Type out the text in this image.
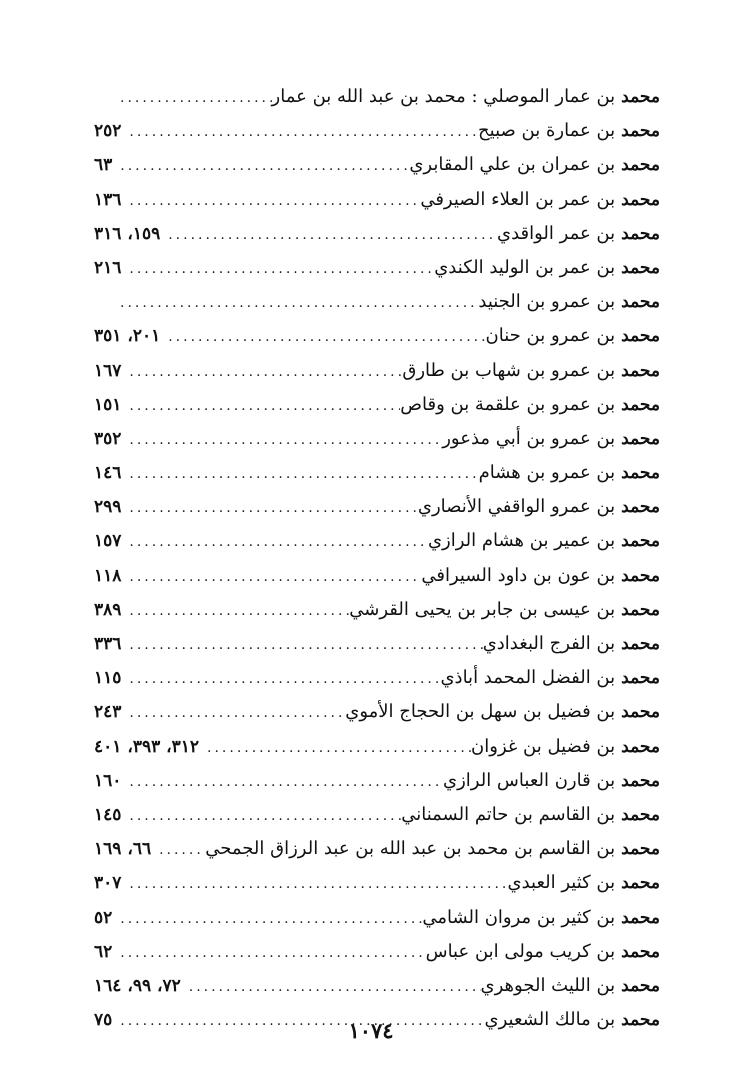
محمدبن عمار الموصلي : محمد بن عبد الله بن عمار
.....
محمدبن عمارة بن صبيح
.....
٢٥٢
محمدبن عمران بن علي المقابري
.....
٦٣
محمدبن عمر بن العلاء الصيرفي
.....
١٣٦
محمدبن عمر الواقدي
.....
١٥٩، ٣١٦
محمدبن عمر بن الوليد الكندي
.....
٢١٦
محمدبن عمرو بن الجنيد
.....
محمدبن عمرو بن حنان
.....
٢٠١، ٣٥١
محمدبن عمرو بن شهاب بن طارق
.....
١٦٧
محمدبن عمرو بن علقمة بن وقاص
.....
١٥١
محمدبن عمرو بن أبي مذعور
.....
٣٥٢
محمدبن عمرو بن هشام
.....
١٤٦
محمدبن عمرو الواقفي الأنصاري
.....
٢٩٩
محمدبن عمير بن هشام الرازي
.....
١٥٧
محمدبن عون بن داود السيرافي
.....
١١٨
محمدبن عيسى بن جابر بن يحيى القرشي
.....
٣٨٩
محمدبن الفرج البغدادي
.....
٣٣٦
محمدبن الفضل المحمد أباذي
.....
١١٥
محمدبن فضيل بن سهل بن الحجاج الأموي
.....
٢٤٣
محمدبن فضيل بن غزوان
.....
٣١٢، ٣٩٣، ٤٠١
محمدبن قارن العباس الرازي
.....
١٦٠
محمدبن القاسم بن حاتم السمناني
.....
١٤٥
محمدبن القاسم بن محمد بن عبد الله بن عبد الرزاق الجمحي
.....
٦٦، ١٦٩
محمدبن كثير العبدي
.....
٣٠٧
محمدبن كثير بن مروان الشامي
.....
٥٢
محمدبن كريب مولى ابن عباس
.....
٦٢
محمدبن الليث الجوهري
.....
٧٢، ٩٩، ١٦٤
محمدبن مالك الشعيري
.....
٧٥	١٠٧٤
